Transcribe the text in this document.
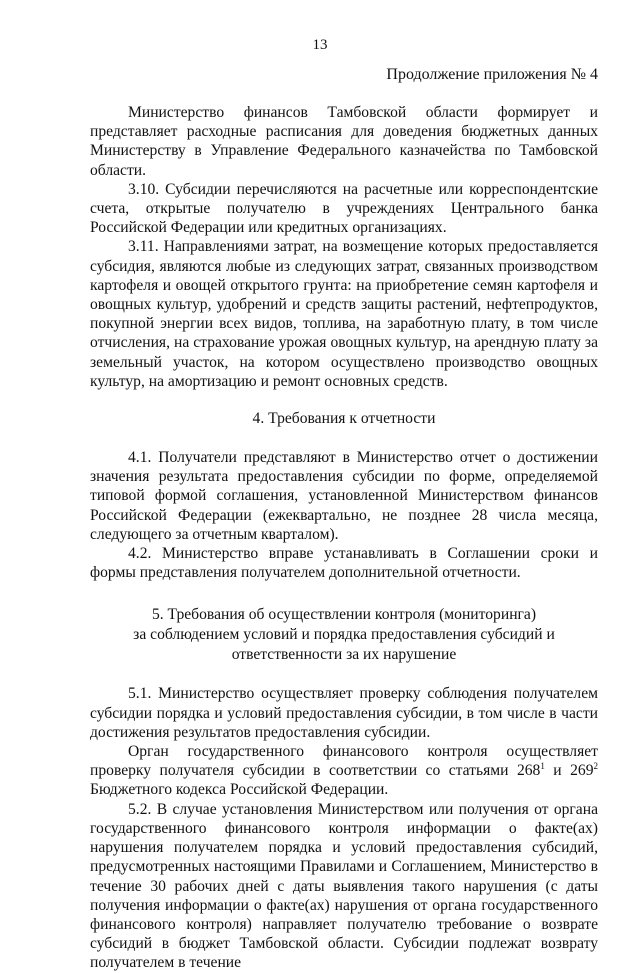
13
Продолжение приложения № 4

Министерство финансов Тамбовской области формирует и представляет расходные расписания для доведения бюджетных данных Министерству в Управление Федерального казначейства по Тамбовской области.

3.10. Субсидии перечисляются на расчетные или корреспондентские счета, открытые получателю в учреждениях Центрального банка Российской Федерации или кредитных организациях.

3.11. Направлениями затрат, на возмещение которых предоставляется субсидия, являются любые из следующих затрат, связанных производством картофеля и овощей открытого грунта: на приобретение семян картофеля и овощных культур, удобрений и средств защиты растений, нефтепродуктов, покупной энергии всех видов, топлива, на заработную плату, в том числе отчисления, на страхование урожая овощных культур, на арендную плату за земельный участок, на котором осуществлено производство овощных культур, на амортизацию и ремонт основных средств.

4. Требования к отчетности

4.1. Получатели представляют в Министерство отчет о достижении значения результата предоставления субсидии по форме, определяемой типовой формой соглашения, установленной Министерством финансов Российской Федерации (ежеквартально, не позднее 28 числа месяца, следующего за отчетным кварталом).

4.2. Министерство вправе устанавливать в Соглашении сроки и формы представления получателем дополнительной отчетности.

5. Требования об осуществлении контроля (мониторинга)
за соблюдением условий и порядка предоставления субсидий и
ответственности за их нарушение

5.1. Министерство осуществляет проверку соблюдения получателем субсидии порядка и условий предоставления субсидии, в том числе в части достижения результатов предоставления субсидии.

Орган государственного финансового контроля осуществляет проверку получателя субсидии в соответствии со статьями $268^1$ и $269^2$ Бюджетного кодекса Российской Федерации.

5.2. В случае установления Министерством или получения от органа государственного финансового контроля информации о факте(ах) нарушения получателем порядка и условий предоставления субсидий, предусмотренных настоящими Правилами и Соглашением, Министерство в течение 30 рабочих дней с даты выявления такого нарушения (с даты получения информации о факте(ах) нарушения от органа государственного финансового контроля) направляет получателю требование о возврате субсидий в бюджет Тамбовской области. Субсидии подлежат возврату получателем в течение
